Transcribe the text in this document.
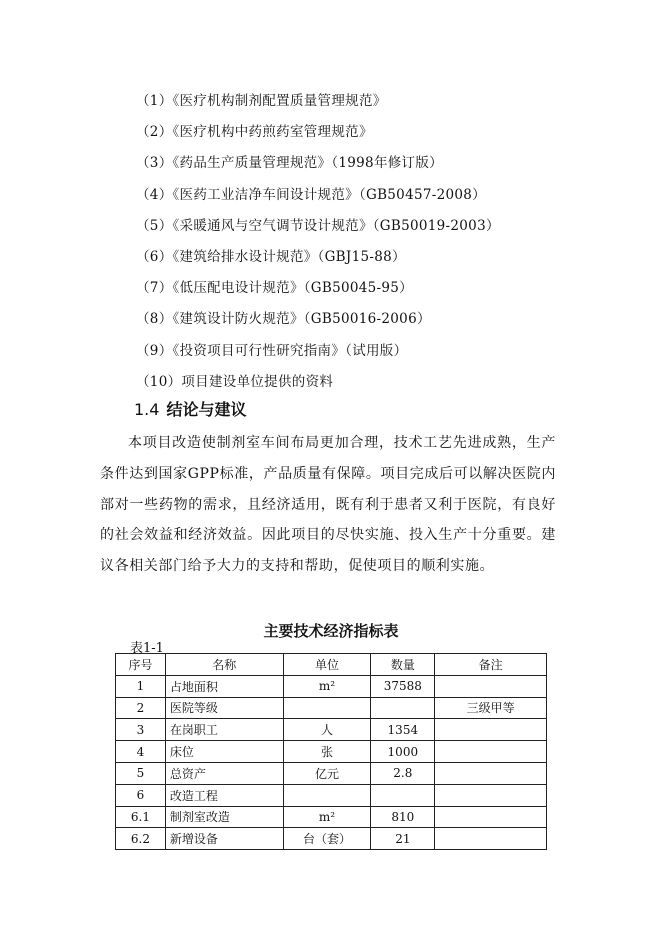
（1）《医疗机构制剂配置质量管理规范》
（2）《医疗机构中药煎药室管理规范》
（3）《药品生产质量管理规范》（1998年修订版）
（4）《医药工业洁净车间设计规范》（GB50457-2008）
（5）《采暖通风与空气调节设计规范》（GB50019-2003）
（6）《建筑给排水设计规范》（GBJ15-88）
（7）《低压配电设计规范》（GB50045-95）
（8）《建筑设计防火规范》（GB50016-2006）
（9）《投资项目可行性研究指南》（试用版）
（10）项目建设单位提供的资料
1.4 结论与建议

本项目改造使制剂室车间布局更加合理，技术工艺先进成熟，生产条件达到国家GPP标准，产品质量有保障。项目完成后可以解决医院内部对一些药物的需求，且经济适用，既有利于患者又利于医院，有良好的社会效益和经济效益。因此项目的尽快实施、投入生产十分重要。建议各相关部门给予大力的支持和帮助，促使项目的顺利实施。

主要技术经济指标表
表1-1
序号	名称	单位	数量	备注
1	占地面积	m²	37588	
2	医院等级			三级甲等
3	在岗职工	人	1354	
4	床位	张	1000	
5	总资产	亿元	2.8	
6	改造工程			
6.1	制剂室改造	m²	810	
6.2	新增设备	台（套）	21	
